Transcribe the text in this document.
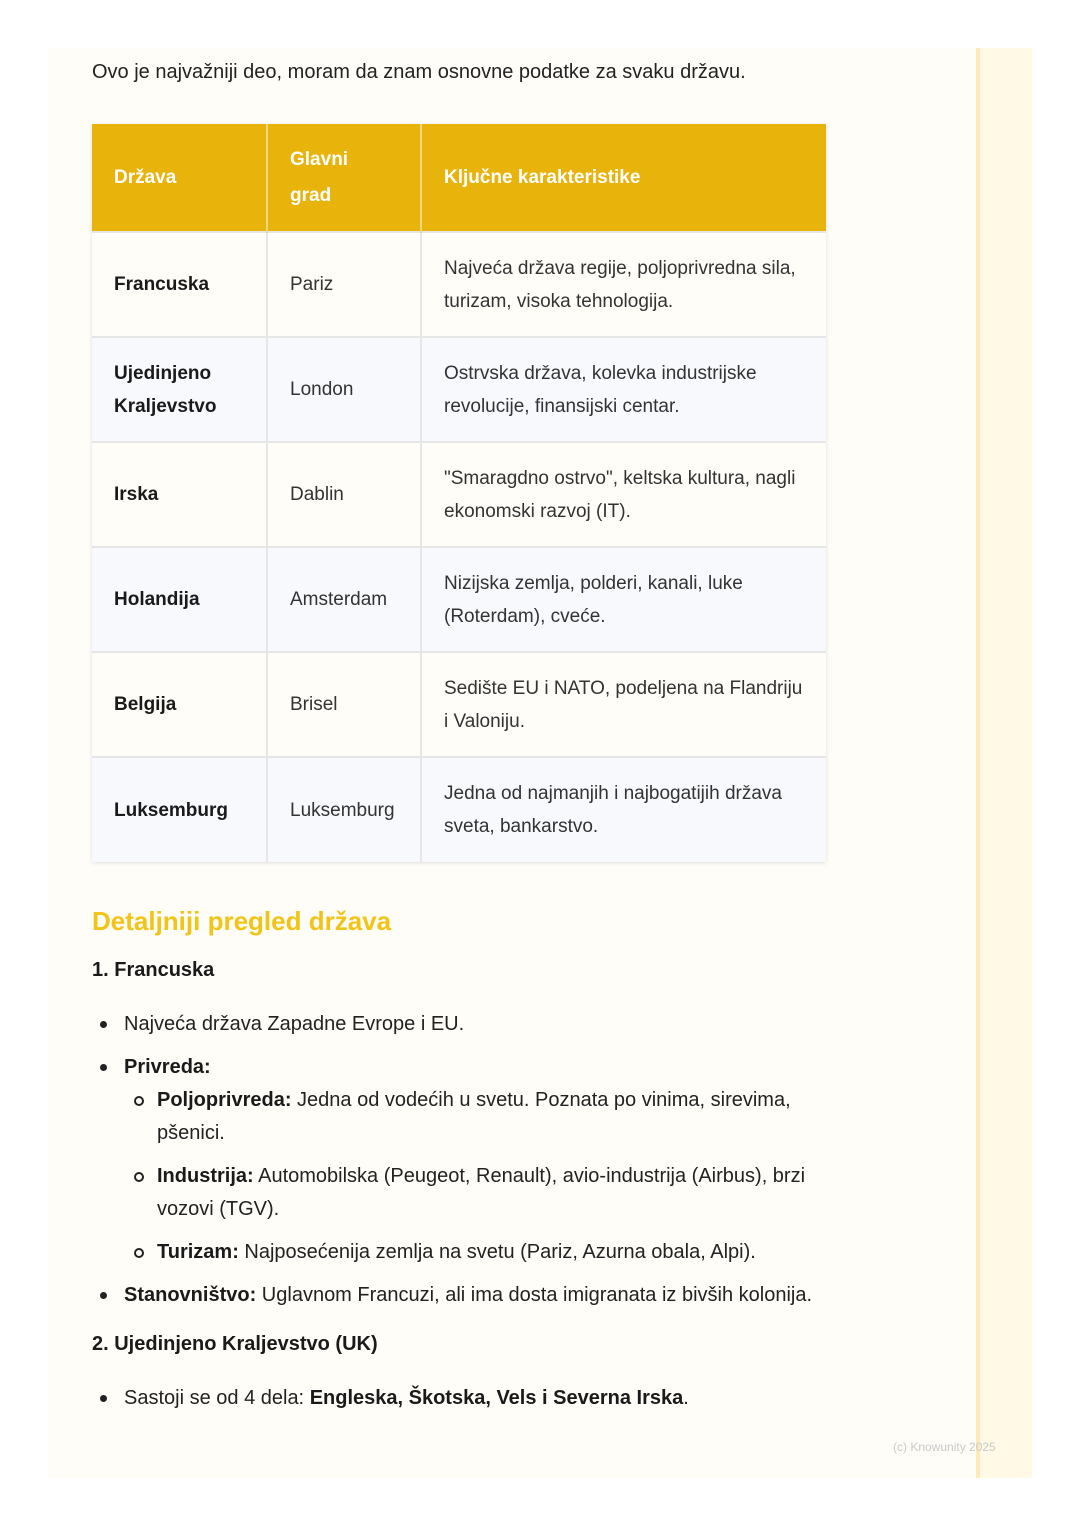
Ovo je najvažniji deo, moram da znam osnovne podatke za svaku državu.

Država	Glavni grad	Ključne karakteristike
Francuska	Pariz	Najveća država regije, poljoprivredna sila, turizam, visoka tehnologija.
Ujedinjeno Kraljevstvo	London	Ostrvska država, kolevka industrijske revolucije, finansijski centar.
Irska	Dablin	"Smaragdno ostrvo", keltska kultura, nagli ekonomski razvoj (IT).
Holandija	Amsterdam	Nizijska zemlja, polderi, kanali, luke (Roterdam), cveće.
Belgija	Brisel	Sedište EU i NATO, podeljena na Flandriju i Valoniju.
Luksemburg	Luksemburg	Jedna od najmanjih i najbogatijih država sveta, bankarstvo.
Detaljniji pregled država
1. Francuska
Najveća država Zapadne Evrope i EU.
Privreda:
Poljoprivreda: Jedna od vodećih u svetu. Poznata po vinima, sirevima, pšenici.
Industrija: Automobilska (Peugeot, Renault), avio-industrija (Airbus), brzi vozovi (TGV).
Turizam: Najposećenija zemlja na svetu (Pariz, Azurna obala, Alpi).
Stanovništvo: Uglavnom Francuzi, ali ima dosta imigranata iz bivših kolonija.
2. Ujedinjeno Kraljevstvo (UK)
Sastoji se od 4 dela: Engleska, Škotska, Vels i Severna Irska.
(c) Knowunity 2025
